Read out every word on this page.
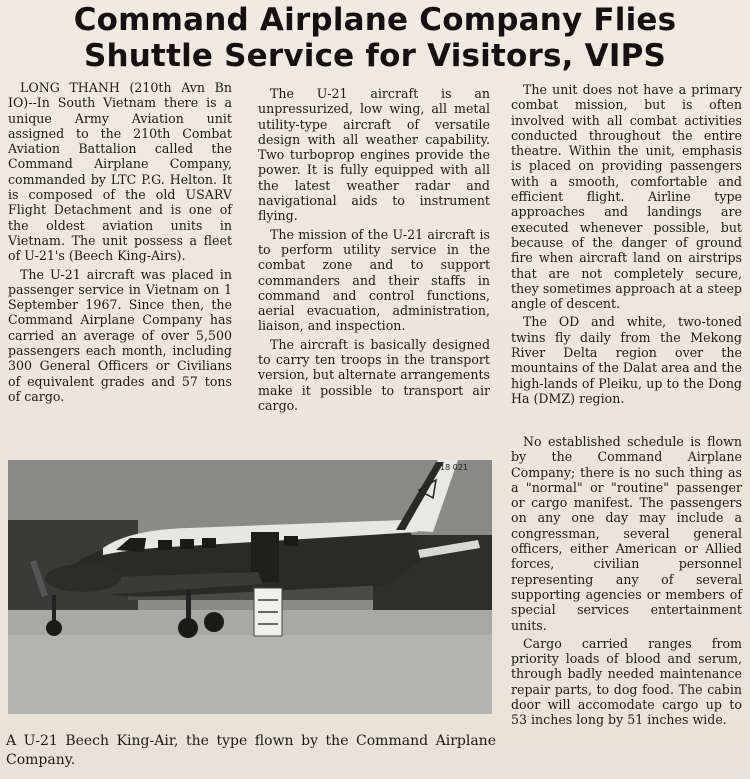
Command Airplane Company Flies
Shuttle Service for Visitors, VIPS

LONG THANH (210th Avn Bn IO)--In South Vietnam there is a unique Army Aviation unit assigned to the 210th Combat Aviation Battalion called the Command Airplane Company, commanded by LTC P.G. Helton. It is composed of the old USARV Flight Detachment and is one of the oldest aviation units in Vietnam. The unit possess a fleet of U-21's (Beech King-Airs).

The U-21 aircraft was placed in passenger service in Vietnam on 1 September 1967. Since then, the Command Airplane Company has carried an average of over 5,500 passengers each month, including 300 General Officers or Civilians of equivalent grades and 57 tons of cargo.

The U-21 aircraft is an unpressurized, low wing, all metal utility-type aircraft of versatile design with all weather capability. Two turboprop engines provide the power. It is fully equipped with all the latest weather radar and navigational aids to instrument flying.

The mission of the U-21 aircraft is to perform utility service in the combat zone and to support commanders and their staffs in command and control functions, aerial evacuation, administration, liaison, and inspection.

The aircraft is basically designed to carry ten troops in the transport version, but alternate arrangements make it possible to transport air cargo.

The unit does not have a primary combat mission, but is often involved with all combat activities conducted throughout the entire theatre. Within the unit, emphasis is placed on providing passengers with a smooth, comfortable and efficient flight. Airline type approaches and landings are executed whenever possible, but because of the danger of ground fire when aircraft land on airstrips that are not completely secure, they sometimes approach at a steep angle of descent.

The OD and white, two-toned twins fly daily from the Mekong River Delta region over the mountains of the Dalat area and the high-lands of Pleiku, up to the Dong Ha (DMZ) region.

No established schedule is flown by the Command Airplane Company; there is no such thing as a "normal" or "routine" passenger or cargo manifest. The passengers on any one day may include a congressman, several general officers, either American or Allied forces, civilian personnel representing any of several supporting agencies or members of special services entertainment units.

Cargo carried ranges from priority loads of blood and serum, through badly needed maintenance repair parts, to dog food. The cabin door will accomodate cargo up to 53 inches long by 51 inches wide.

18 021
A U-21 Beech King-Air, the type flown by the Command Airplane Company.
